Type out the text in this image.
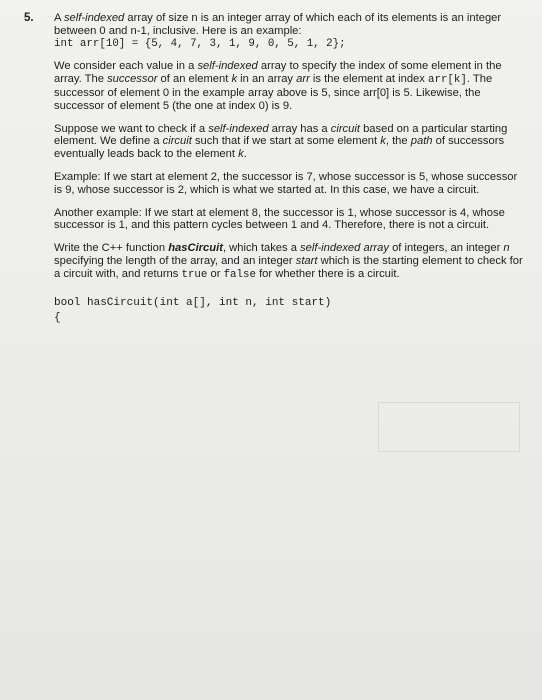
5. A self-indexed array of size n is an integer array of which each of its elements is an integer between 0 and n-1, inclusive. Here is an example:
int arr[10] = {5, 4, 7, 3, 1, 9, 0, 5, 1, 2};

We consider each value in a self-indexed array to specify the index of some element in the array. The successor of an element k in an array arr is the element at index arr[k]. The successor of element 0 in the example array above is 5, since arr[0] is 5. Likewise, the successor of element 5 (the one at index 0) is 9.

Suppose we want to check if a self-indexed array has a circuit based on a particular starting element. We define a circuit such that if we start at some element k, the path of successors eventually leads back to the element k.

Example: If we start at element 2, the successor is 7, whose successor is 5, whose successor is 9, whose successor is 2, which is what we started at. In this case, we have a circuit.

Another example: If we start at element 8, the successor is 1, whose successor is 4, whose successor is 1, and this pattern cycles between 1 and 4. Therefore, there is not a circuit.

Write the C++ function hasCircuit, which takes a self-indexed array of integers, an integer n specifying the length of the array, and an integer start which is the starting element to check for a circuit with, and returns true or false for whether there is a circuit.

bool hasCircuit(int a[], int n, int start)
{
